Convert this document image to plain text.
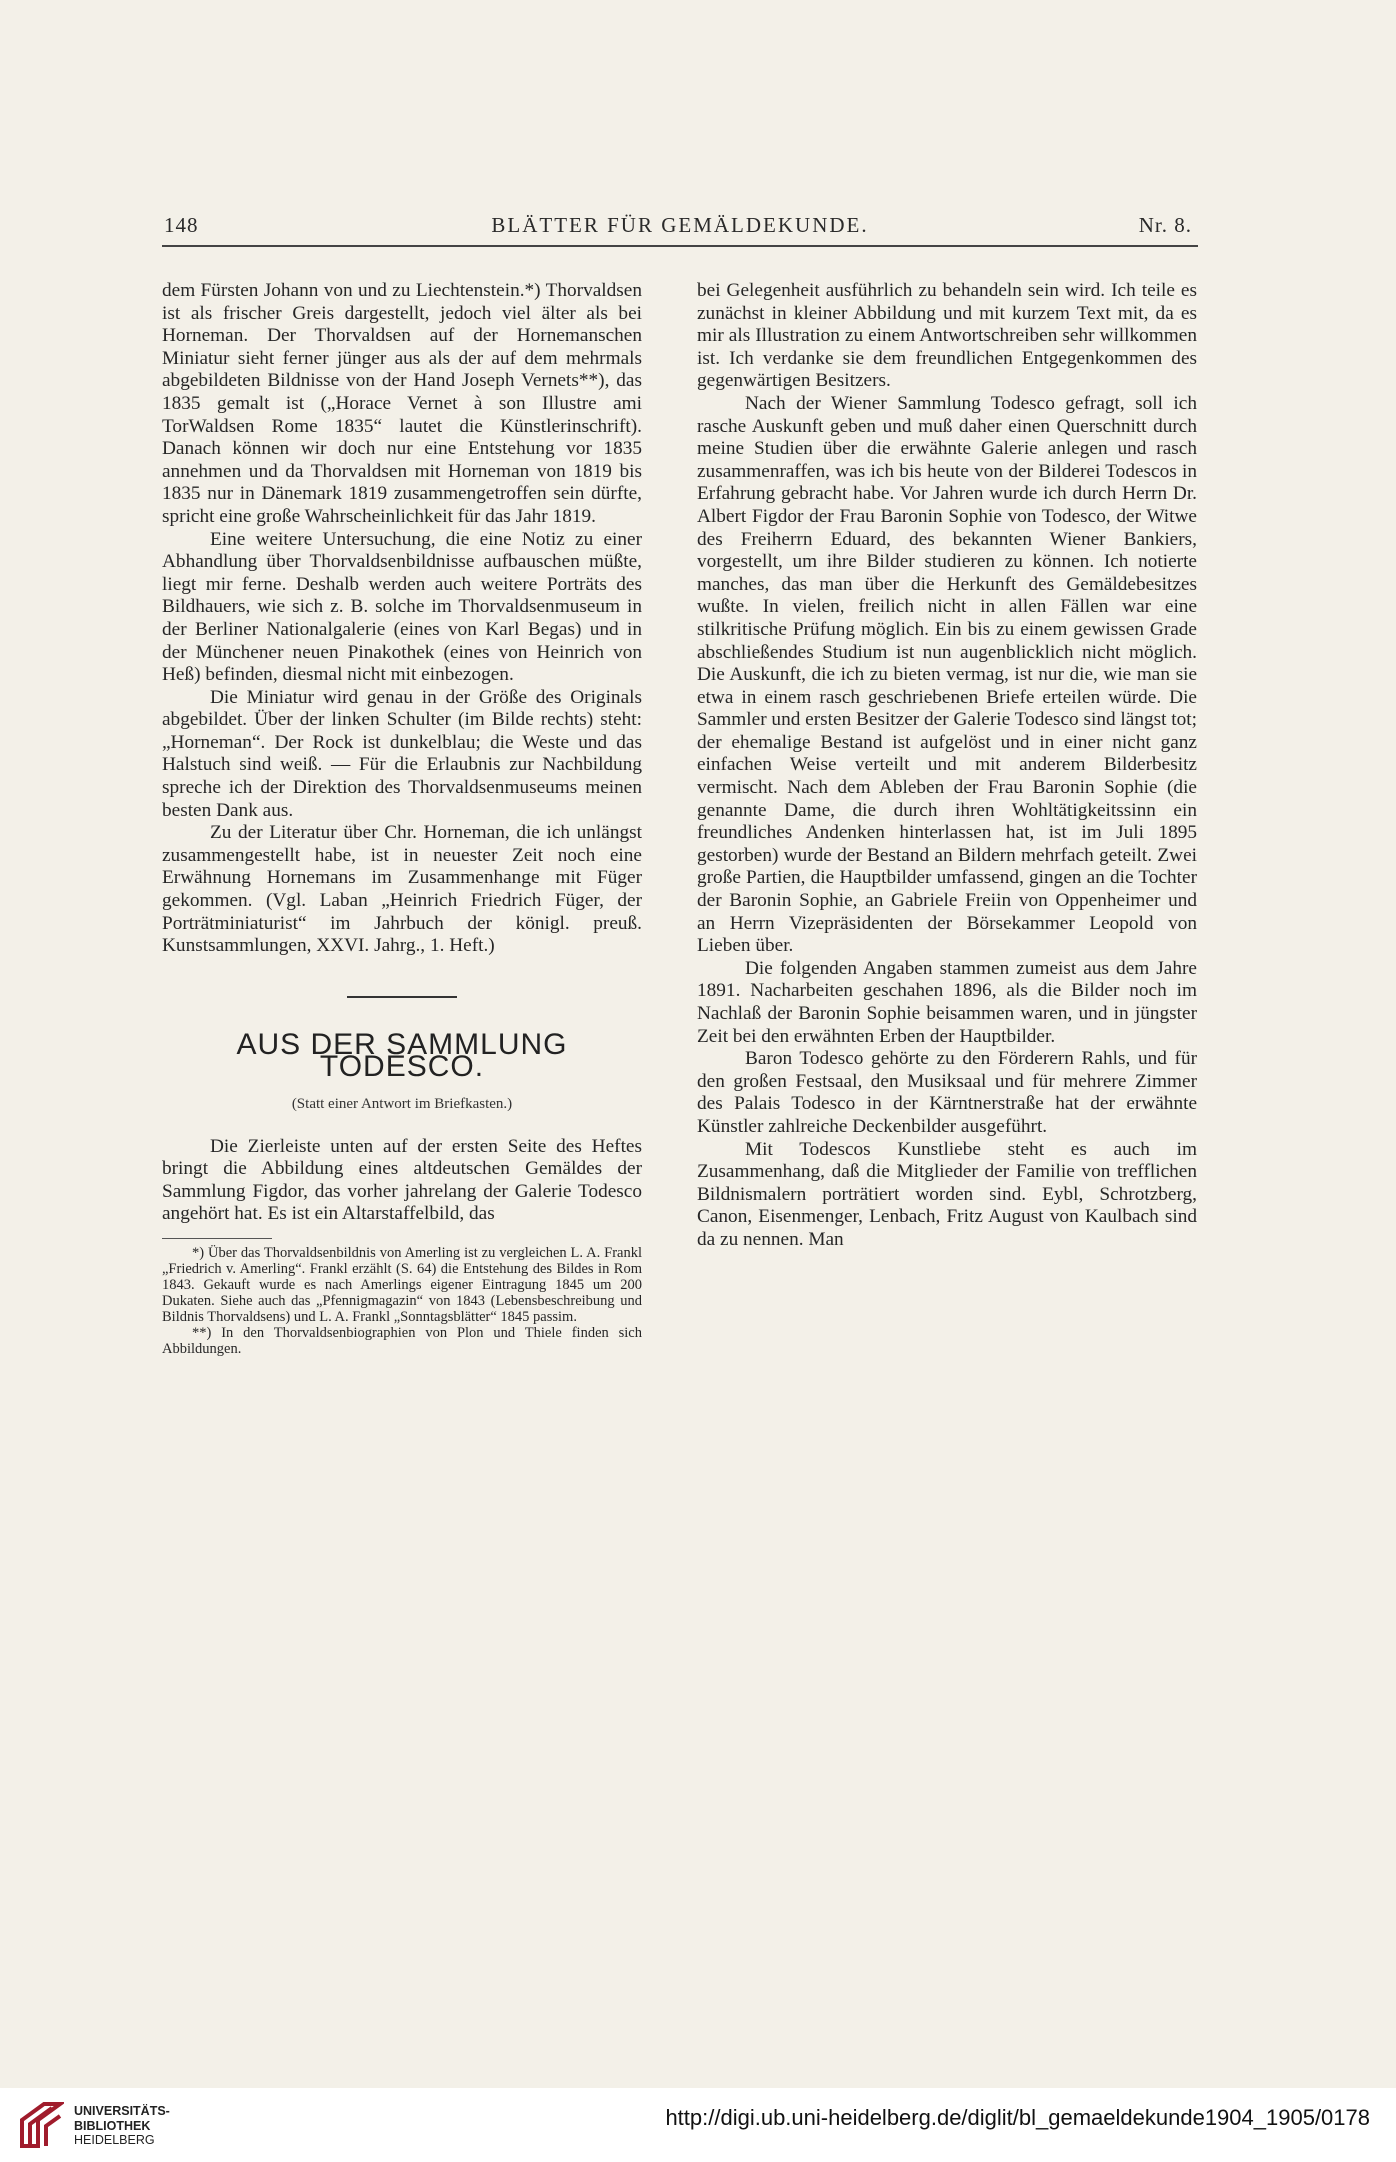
148	BLÄTTER FÜR GEMÄLDEKUNDE.	Nr. 8.

dem Fürsten Johann von und zu Liechtenstein.*) Thorvaldsen ist als frischer Greis dargestellt, jedoch viel älter als bei Horneman. Der Thorvaldsen auf der Hornemanschen Miniatur sieht ferner jünger aus als der auf dem mehrmals abgebildeten Bildnisse von der Hand Joseph Vernets**), das 1835 gemalt ist („Horace Vernet à son Illustre ami TorWaldsen Rome 1835“ lautet die Künstlerinschrift). Danach können wir doch nur eine Entstehung vor 1835 annehmen und da Thorvaldsen mit Horneman von 1819 bis 1835 nur in Dänemark 1819 zusammengetroffen sein dürfte, spricht eine große Wahrscheinlichkeit für das Jahr 1819.

Eine weitere Untersuchung, die eine Notiz zu einer Abhandlung über Thorvaldsenbildnisse aufbauschen müßte, liegt mir ferne. Deshalb werden auch weitere Porträts des Bildhauers, wie sich z. B. solche im Thorvaldsenmuseum in der Berliner Nationalgalerie (eines von Karl Begas) und in der Münchener neuen Pinakothek (eines von Heinrich von Heß) befinden, diesmal nicht mit einbezogen.

Die Miniatur wird genau in der Größe des Originals abgebildet. Über der linken Schulter (im Bilde rechts) steht: „Horneman“. Der Rock ist dunkelblau; die Weste und das Halstuch sind weiß. — Für die Erlaubnis zur Nachbildung spreche ich der Direktion des Thorvaldsenmuseums meinen besten Dank aus.

Zu der Literatur über Chr. Horneman, die ich unlängst zusammengestellt habe, ist in neuester Zeit noch eine Erwähnung Hornemans im Zusammenhange mit Füger gekommen. (Vgl. Laban „Heinrich Friedrich Füger, der Porträtminiaturist“ im Jahrbuch der königl. preuß. Kunstsammlungen, XXVI. Jahrg., 1. Heft.)

AUS DER SAMMLUNG TODESCO.
(Statt einer Antwort im Briefkasten.)

Die Zierleiste unten auf der ersten Seite des Heftes bringt die Abbildung eines altdeutschen Gemäldes der Sammlung Figdor, das vorher jahrelang der Galerie Todesco angehört hat. Es ist ein Altarstaffelbild, das

*) Über das Thorvaldsenbildnis von Amerling ist zu vergleichen L. A. Frankl „Friedrich v. Amerling“. Frankl erzählt (S. 64) die Entstehung des Bildes in Rom 1843. Gekauft wurde es nach Amerlings eigener Eintragung 1845 um 200 Dukaten. Siehe auch das „Pfennigmagazin“ von 1843 (Lebensbeschreibung und Bildnis Thorvaldsens) und L. A. Frankl „Sonntagsblätter“ 1845 passim.

**) In den Thorvaldsenbiographien von Plon und Thiele finden sich Abbildungen.

bei Gelegenheit ausführlich zu behandeln sein wird. Ich teile es zunächst in kleiner Abbildung und mit kurzem Text mit, da es mir als Illustration zu einem Antwortschreiben sehr willkommen ist. Ich verdanke sie dem freundlichen Entgegenkommen des gegenwärtigen Besitzers.

Nach der Wiener Sammlung Todesco gefragt, soll ich rasche Auskunft geben und muß daher einen Querschnitt durch meine Studien über die erwähnte Galerie anlegen und rasch zusammenraffen, was ich bis heute von der Bilderei Todescos in Erfahrung gebracht habe. Vor Jahren wurde ich durch Herrn Dr. Albert Figdor der Frau Baronin Sophie von Todesco, der Witwe des Freiherrn Eduard, des bekannten Wiener Bankiers, vorgestellt, um ihre Bilder studieren zu können. Ich notierte manches, das man über die Herkunft des Gemäldebesitzes wußte. In vielen, freilich nicht in allen Fällen war eine stilkritische Prüfung möglich. Ein bis zu einem gewissen Grade abschließendes Studium ist nun augenblicklich nicht möglich. Die Auskunft, die ich zu bieten vermag, ist nur die, wie man sie etwa in einem rasch geschriebenen Briefe erteilen würde. Die Sammler und ersten Besitzer der Galerie Todesco sind längst tot; der ehemalige Bestand ist aufgelöst und in einer nicht ganz einfachen Weise verteilt und mit anderem Bilderbesitz vermischt. Nach dem Ableben der Frau Baronin Sophie (die genannte Dame, die durch ihren Wohltätigkeitssinn ein freundliches Andenken hinterlassen hat, ist im Juli 1895 gestorben) wurde der Bestand an Bildern mehrfach geteilt. Zwei große Partien, die Hauptbilder umfassend, gingen an die Tochter der Baronin Sophie, an Gabriele Freiin von Oppenheimer und an Herrn Vizepräsidenten der Börsekammer Leopold von Lieben über.

Die folgenden Angaben stammen zumeist aus dem Jahre 1891. Nacharbeiten geschahen 1896, als die Bilder noch im Nachlaß der Baronin Sophie beisammen waren, und in jüngster Zeit bei den erwähnten Erben der Hauptbilder.

Baron Todesco gehörte zu den Förderern Rahls, und für den großen Festsaal, den Musiksaal und für mehrere Zimmer des Palais Todesco in der Kärntnerstraße hat der erwähnte Künstler zahlreiche Deckenbilder ausgeführt.

Mit Todescos Kunstliebe steht es auch im Zusammenhang, daß die Mitglieder der Familie von trefflichen Bildnismalern porträtiert worden sind. Eybl, Schrotzberg, Canon, Eisenmenger, Lenbach, Fritz August von Kaulbach sind da zu nennen. Man

UNIVERSITÄTS-
BIBLIOTHEK
HEIDELBERG
http://digi.ub.uni-heidelberg.de/diglit/bl_gemaeldekunde1904_1905/0178
